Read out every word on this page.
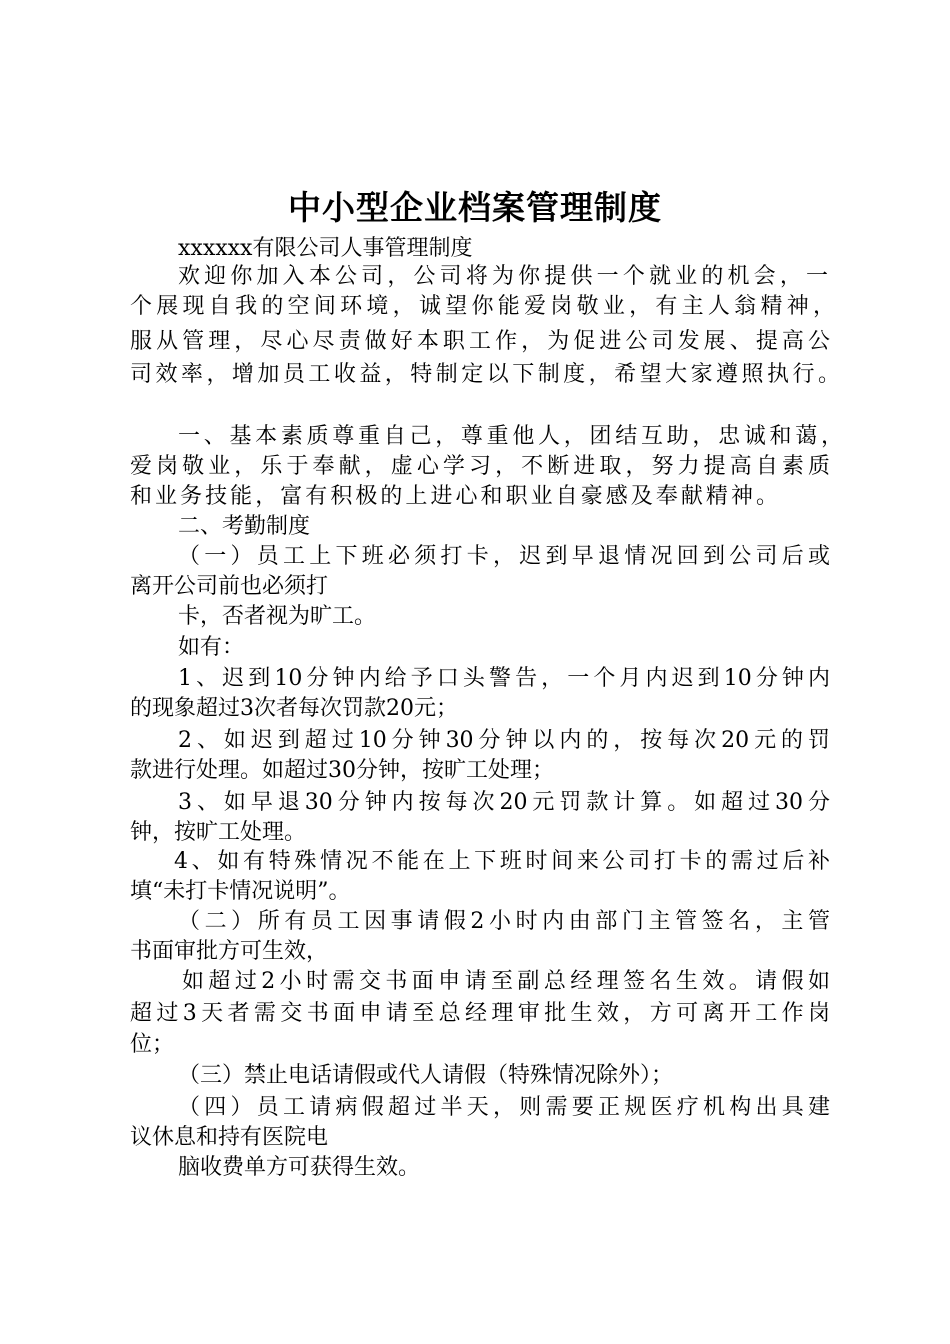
中小型企业档案管理制度
xxxxxx有限公司人事管理制度
欢迎你加入本公司，公司将为你提供一个就业的机会，一
个展现自我的空间环境，诚望你能爱岗敬业，有主人翁精神，
服从管理，尽心尽责做好本职工作，为促进公司发展、提高公
司效率，增加员工收益，特制定以下制度，希望大家遵照执行。
一、基本素质尊重自己，尊重他人，团结互助，忠诚和蔼，
爱岗敬业，乐于奉献，虚心学习，不断进取，努力提高自素质
和业务技能，富有积极的上进心和职业自豪感及奉献精神。
二、考勤制度
（一）员工上下班必须打卡，迟到早退情况回到公司后或
离开公司前也必须打
卡，否者视为旷工。
如有：
1、迟到10分钟内给予口头警告，一个月内迟到10分钟内
的现象超过3次者每次罚款20元；
2、如迟到超过10分钟30分钟以内的，按每次20元的罚
款进行处理。如超过30分钟，按旷工处理；
3、如早退30分钟内按每次20元罚款计算。如超过30分
钟，按旷工处理。
4、如有特殊情况不能在上下班时间来公司打卡的需过后补
填“未打卡情况说明”。
（二）所有员工因事请假2小时内由部门主管签名，主管
书面审批方可生效，
如超过2小时需交书面申请至副总经理签名生效。请假如
超过3天者需交书面申请至总经理审批生效，方可离开工作岗
位；
（三）禁止电话请假或代人请假（特殊情况除外）；
（四）员工请病假超过半天，则需要正规医疗机构出具建
议休息和持有医院电
脑收费单方可获得生效。
